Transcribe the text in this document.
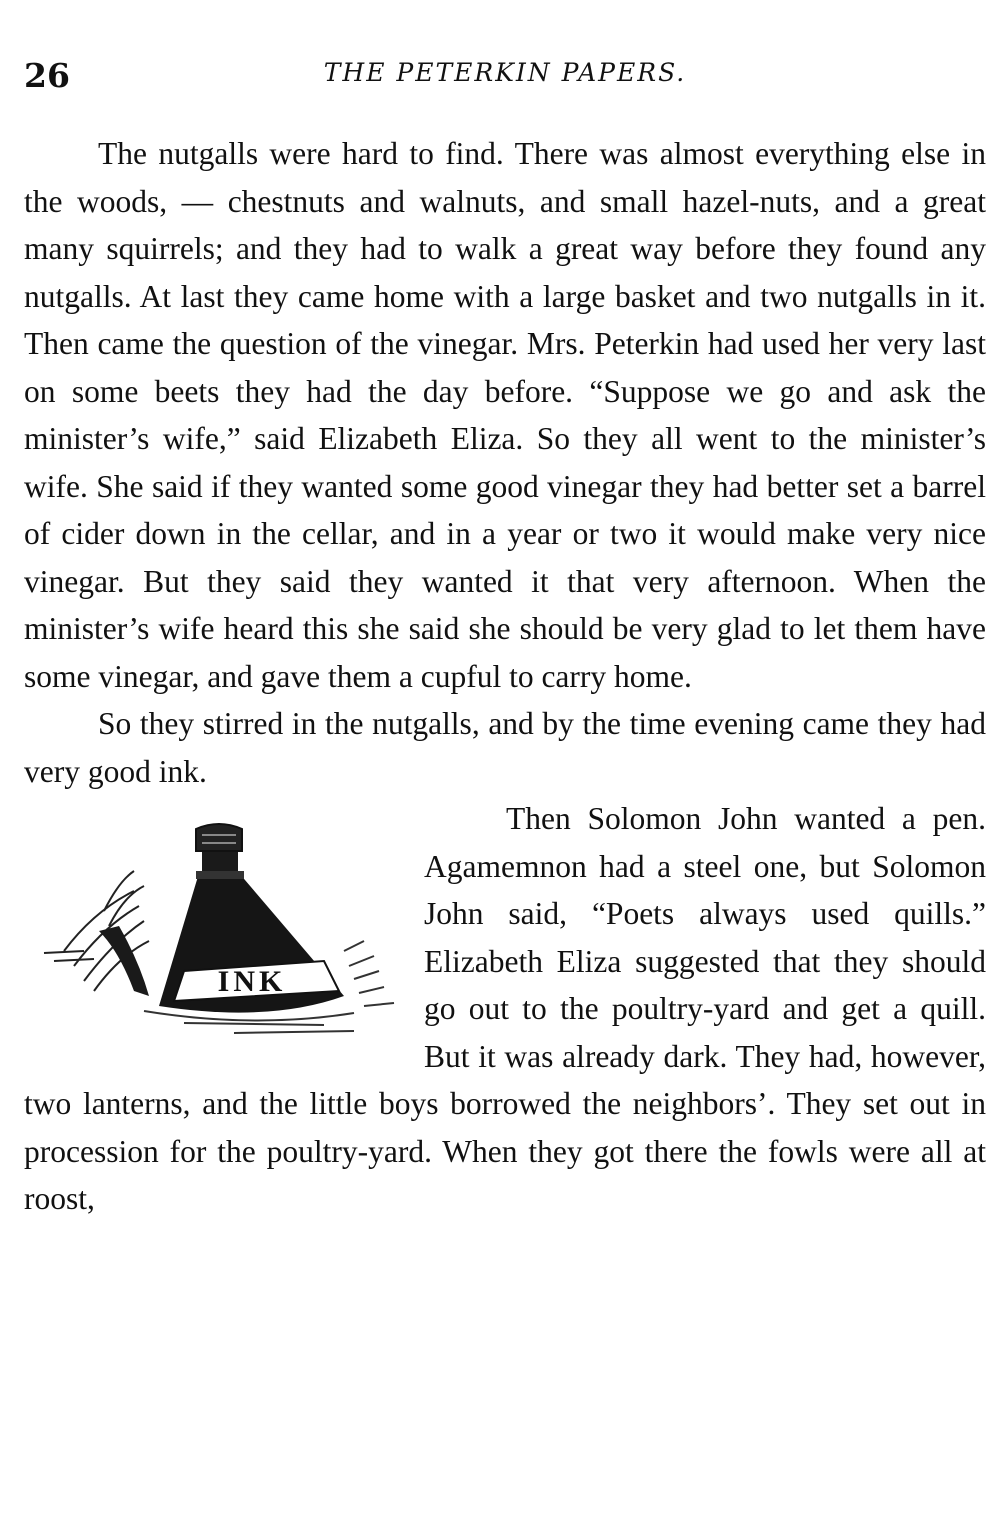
26	THE PETERKIN PAPERS.

The nutgalls were hard to find. There was almost everything else in the woods, — chestnuts and walnuts, and small hazel-nuts, and a great many squirrels; and they had to walk a great way before they found any nutgalls. At last they came home with a large basket and two nutgalls in it. Then came the question of the vinegar. Mrs. Peterkin had used her very last on some beets they had the day before. “Suppose we go and ask the minister’s wife,” said Elizabeth Eliza. So they all went to the minister’s wife. She said if they wanted some good vinegar they had better set a barrel of cider down in the cellar, and in a year or two it would make very nice vinegar. But they said they wanted it that very afternoon. When the minister’s wife heard this she said she should be very glad to let them have some vinegar, and gave them a cupful to carry home.

So they stirred in the nutgalls, and by the time evening came they had very good ink.

INK

Then Solomon John wanted a pen. Agamemnon had a steel one, but Solomon John said, “Poets always used quills.” Elizabeth Eliza suggested that they should go out to the poultry-yard and get a quill. But it was already dark. They had, however, two lanterns, and the little boys borrowed the neighbors’. They set out in procession for the poultry-yard. When they got there the fowls were all at roost,
